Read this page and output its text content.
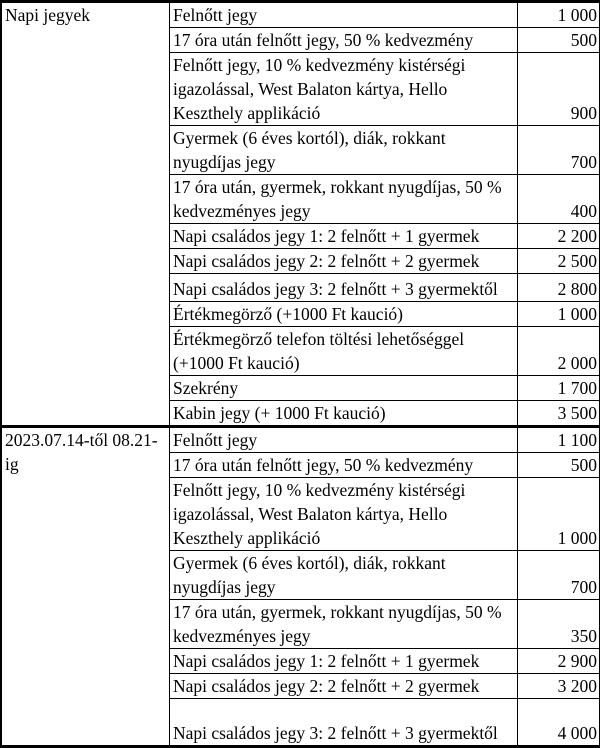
Napi jegyek	Felnőtt jegy	1 000
	17 óra után felnőtt jegy, 50 % kedvezmény	500
	Felnőtt jegy, 10 % kedvezmény kistérségi igazolással, West Balaton kártya, Hello Keszthely applikáció	900
	Gyermek (6 éves kortól), diák, rokkant nyugdíjas jegy	700
	17 óra után, gyermek, rokkant nyugdíjas, 50 % kedvezményes jegy	400
	Napi családos jegy 1: 2 felnőtt + 1 gyermek	2 200
	Napi családos jegy 2: 2 felnőtt + 2 gyermek	2 500
	Napi családos jegy 3: 2 felnőtt + 3 gyermektől	2 800
	Értékmegörző (+1000 Ft kaució)	1 000
	Értékmegörző telefon töltési lehetőséggel (+1000 Ft kaució)	2 000
	Szekrény	1 700
	Kabin jegy (+ 1000 Ft kaució)	3 500
2023.07.14-től 08.21-ig	Felnőtt jegy	1 100
	17 óra után felnőtt jegy, 50 % kedvezmény	500
	Felnőtt jegy, 10 % kedvezmény kistérségi igazolással, West Balaton kártya, Hello Keszthely applikáció	1 000
	Gyermek (6 éves kortól), diák, rokkant nyugdíjas jegy	700
	17 óra után, gyermek, rokkant nyugdíjas, 50 % kedvezményes jegy	350
	Napi családos jegy 1: 2 felnőtt + 1 gyermek	2 900
	Napi családos jegy 2: 2 felnőtt + 2 gyermek	3 200
	Napi családos jegy 3: 2 felnőtt + 3 gyermektől	4 000
